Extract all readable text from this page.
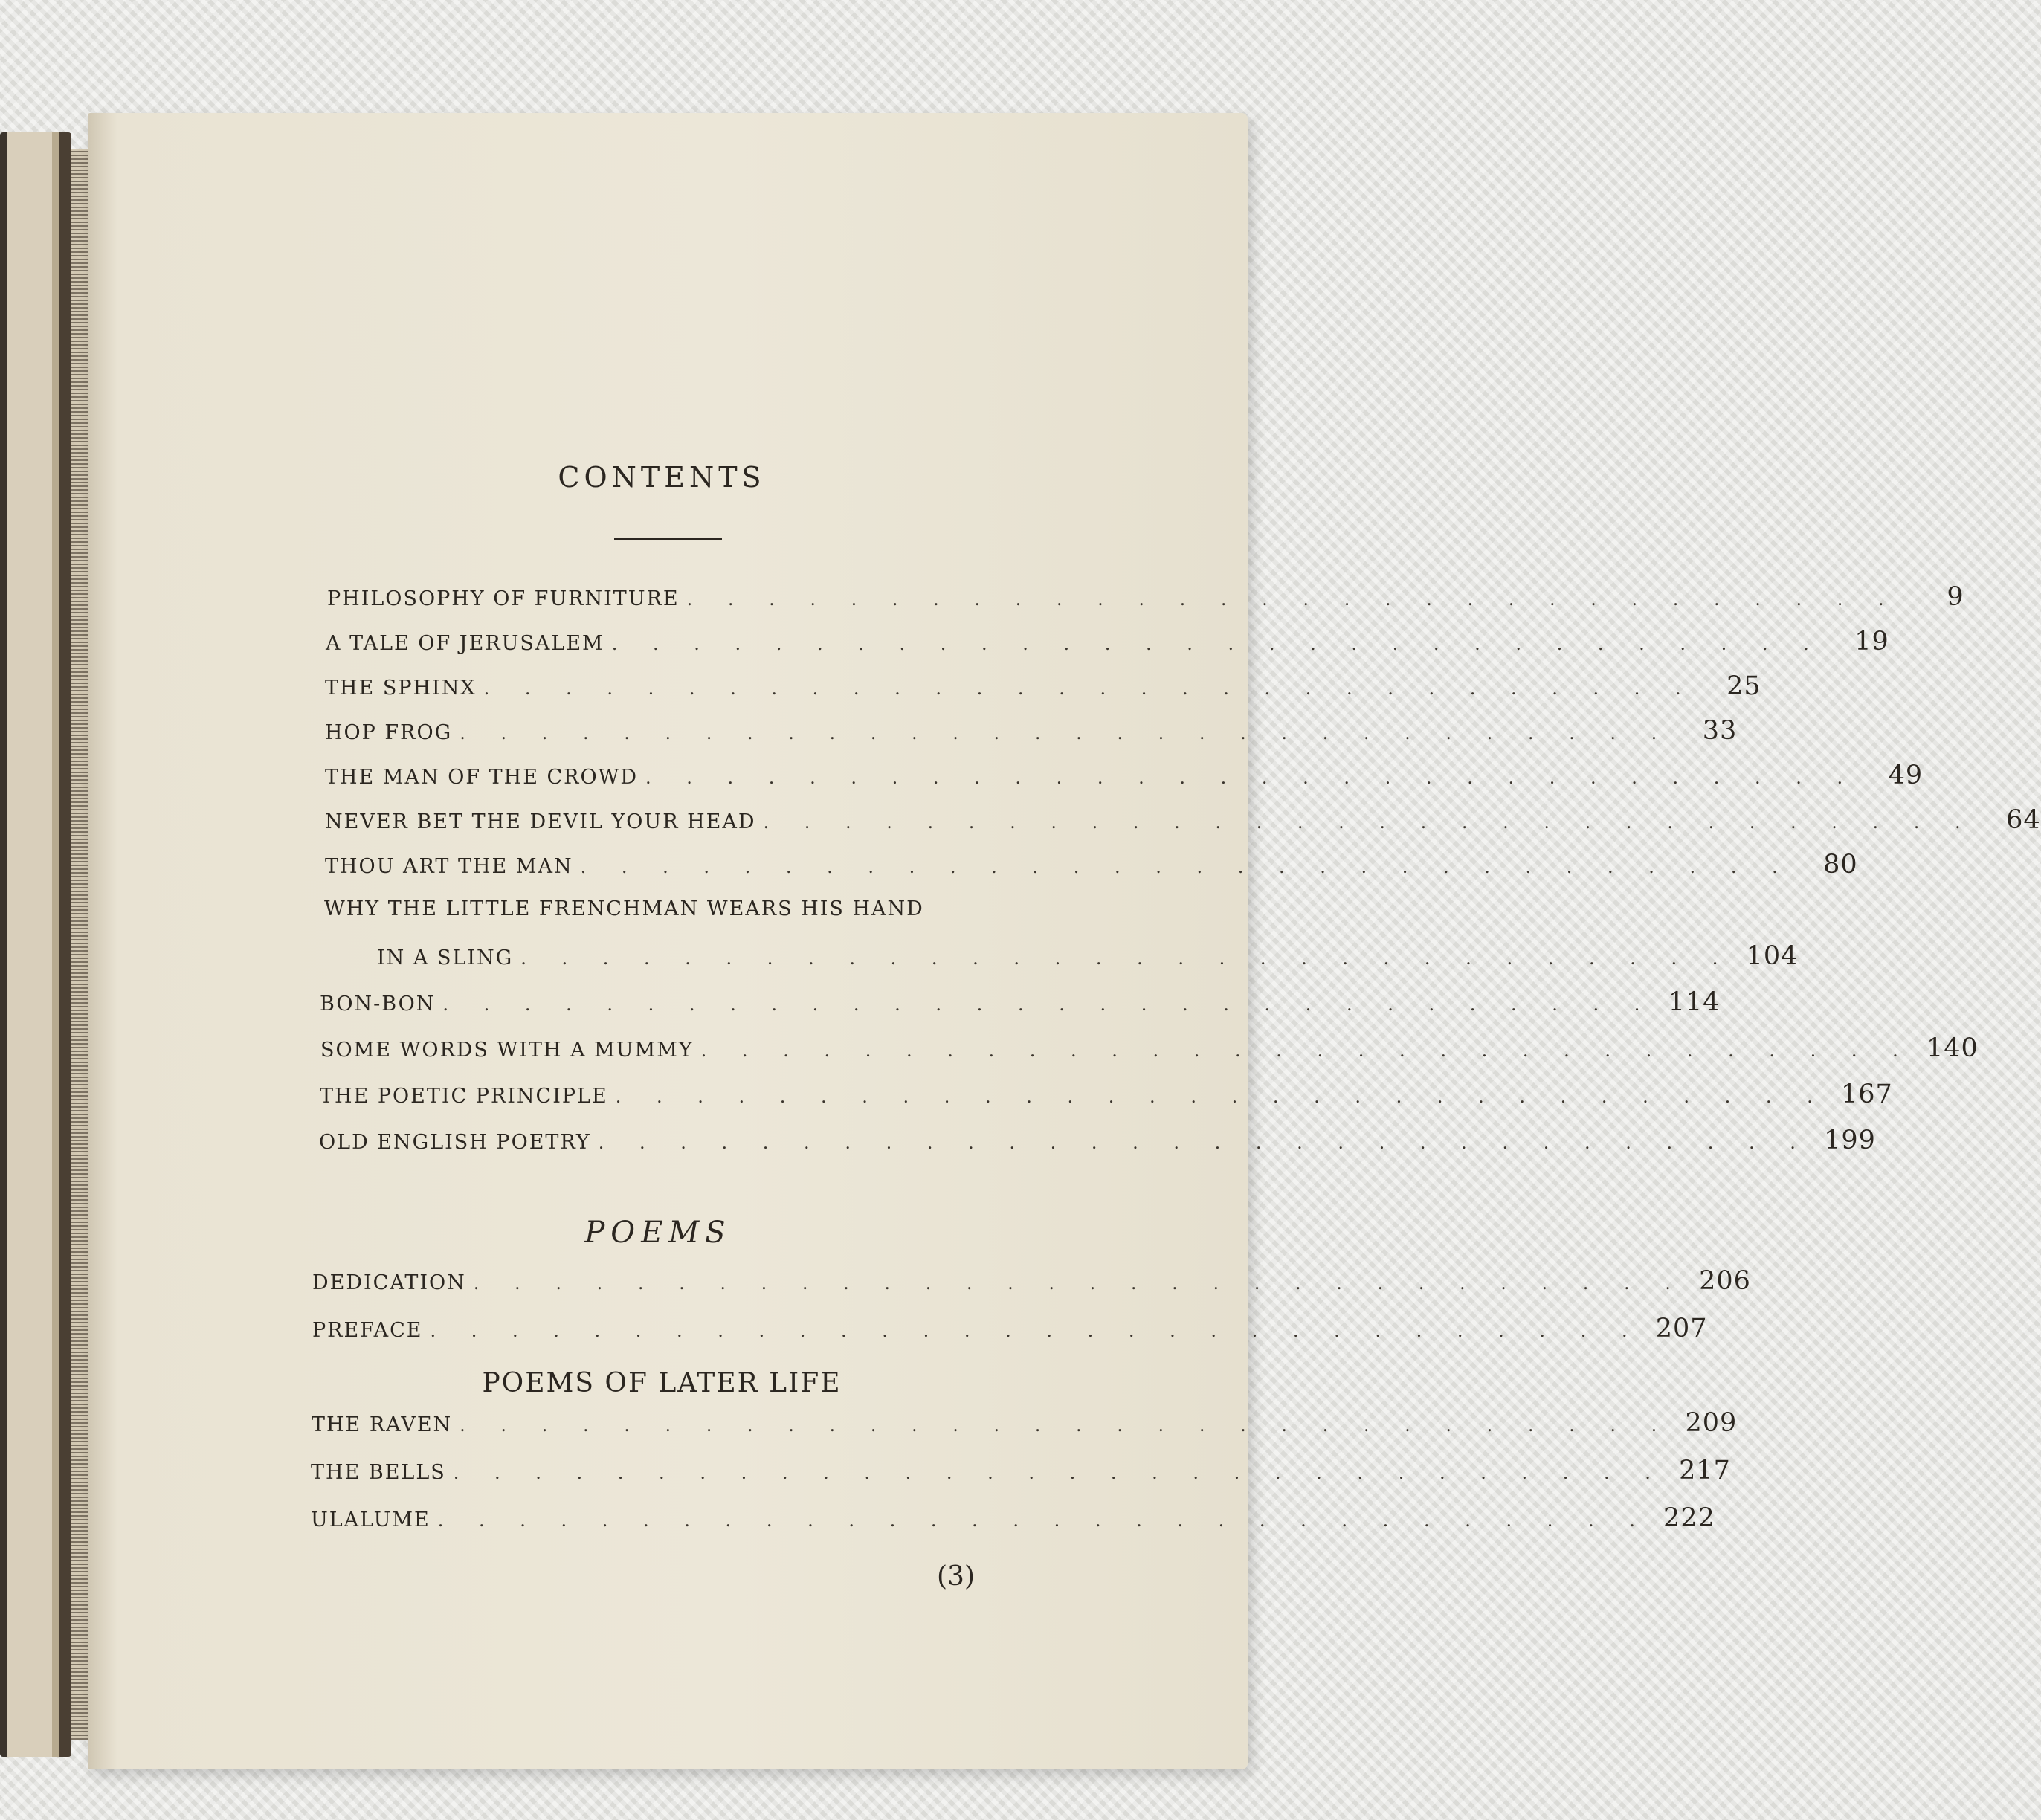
CONTENTS
PHILOSOPHY OF FURNITURE . . . . . . . . . . . . . . . . . . . . . . . . . . . . . .	9
A TALE OF JERUSALEM . . . . . . . . . . . . . . . . . . . . . . . . . . . . . .	19
THE SPHINX . . . . . . . . . . . . . . . . . . . . . . . . . . . . . .	25
HOP FROG . . . . . . . . . . . . . . . . . . . . . . . . . . . . . .	33
THE MAN OF THE CROWD . . . . . . . . . . . . . . . . . . . . . . . . . . . . . .	49
NEVER BET THE DEVIL YOUR HEAD . . . . . . . . . . . . . . . . . . . . . . . . . . . . . .	64
THOU ART THE MAN . . . . . . . . . . . . . . . . . . . . . . . . . . . . . .	80
WHY THE LITTLE FRENCHMAN WEARS HIS HAND
IN A SLING . . . . . . . . . . . . . . . . . . . . . . . . . . . . . . 104
BON-BON . . . . . . . . . . . . . . . . . . . . . . . . . . . . . . 114
SOME WORDS WITH A MUMMY . . . . . . . . . . . . . . . . . . . . . . . . . . . . . . 140
THE POETIC PRINCIPLE . . . . . . . . . . . . . . . . . . . . . . . . . . . . . . 167
OLD ENGLISH POETRY . . . . . . . . . . . . . . . . . . . . . . . . . . . . . . 199
POEMS
DEDICATION . . . . . . . . . . . . . . . . . . . . . . . . . . . . . . 206
PREFACE . . . . . . . . . . . . . . . . . . . . . . . . . . . . . . 207
POEMS OF LATER LIFE
THE RAVEN . . . . . . . . . . . . . . . . . . . . . . . . . . . . . . 209
THE BELLS . . . . . . . . . . . . . . . . . . . . . . . . . . . . . . 217
ULALUME . . . . . . . . . . . . . . . . . . . . . . . . . . . . . . 222
(3)
